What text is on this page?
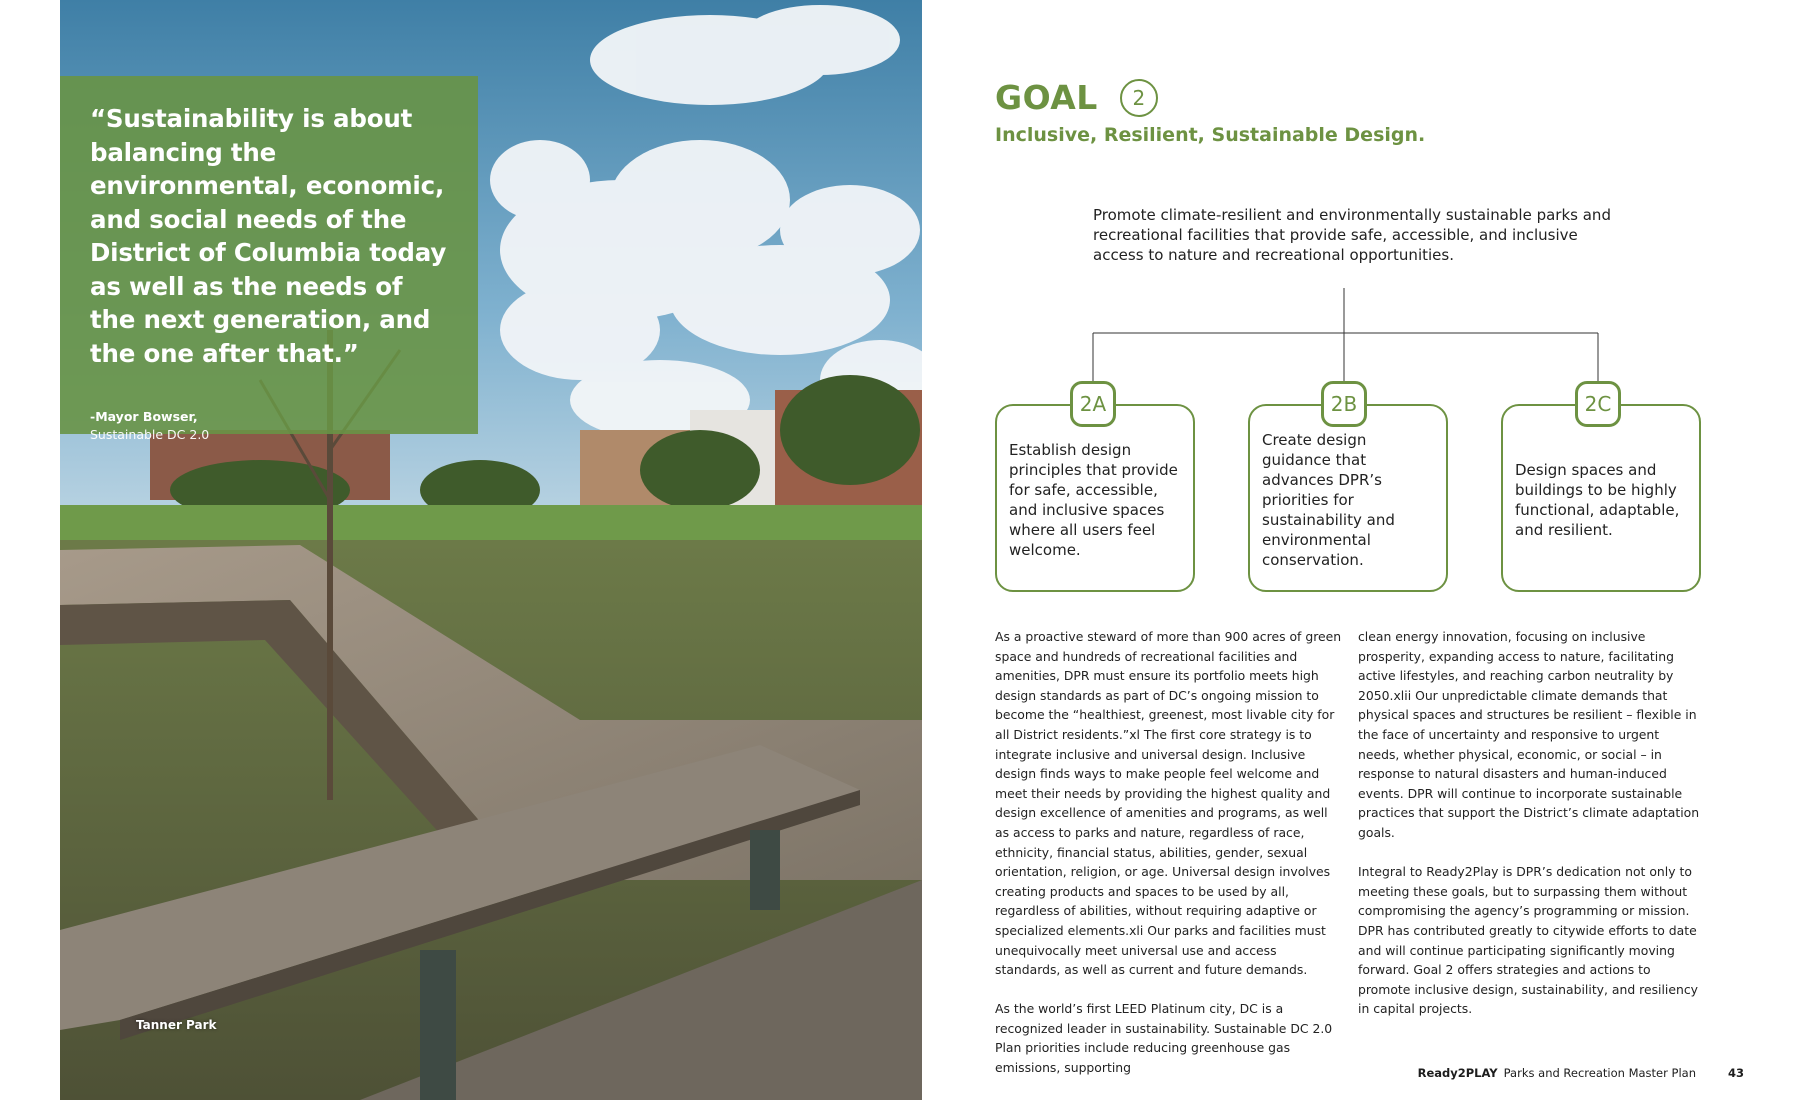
“Sustainability is about balancing the environmental, economic, and social needs of the District of Columbia today as well as the needs of the next generation, and the one after that.”
-Mayor Bowser,
Sustainable DC 2.0
Tanner Park
GOAL	2
Inclusive, Resilient, Sustainable Design.
Promote climate-resilient and environmentally sustainable parks and recreational facilities that provide safe, accessible, and inclusive access to nature and recreational opportunities.
Establish design principles that provide for safe, accessible, and inclusive spaces where all users feel welcome.
2A
Create design guidance that advances DPR’s priorities for sustainability and environmental conservation.
2B
Design spaces and buildings to be highly functional, adaptable, and resilient.
2C

As a proactive steward of more than 900 acres of green space and hundreds of recreational facilities and amenities, DPR must ensure its portfolio meets high design standards as part of DC’s ongoing mission to become the “healthiest, greenest, most livable city for all District residents.”xl The first core strategy is to integrate inclusive and universal design. Inclusive design finds ways to make people feel welcome and meet their needs by providing the highest quality and design excellence of amenities and programs, as well as access to parks and nature, regardless of race, ethnicity, financial status, abilities, gender, sexual orientation, religion, or age. Universal design involves creating products and spaces to be used by all, regardless of abilities, without requiring adaptive or specialized elements.xli Our parks and facilities must unequivocally meet universal use and access standards, as well as current and future demands.

As the world’s first LEED Platinum city, DC is a recognized leader in sustainability. Sustainable DC 2.0 Plan priorities include reducing greenhouse gas emissions, supporting

clean energy innovation, focusing on inclusive prosperity, expanding access to nature, facilitating active lifestyles, and reaching carbon neutrality by 2050.xlii Our unpredictable climate demands that physical spaces and structures be resilient – flexible in the face of uncertainty and responsive to urgent needs, whether physical, economic, or social – in response to natural disasters and human-induced events. DPR will continue to incorporate sustainable practices that support the District’s climate adaptation goals.

Integral to Ready2Play is DPR’s dedication not only to meeting these goals, but to surpassing them without compromising the agency’s programming or mission. DPR has contributed greatly to citywide efforts to date and will continue participating significantly moving forward. Goal 2 offers strategies and actions to promote inclusive design, sustainability, and resiliency in capital projects.

Ready2PLAY Parks and Recreation Master Plan	43
